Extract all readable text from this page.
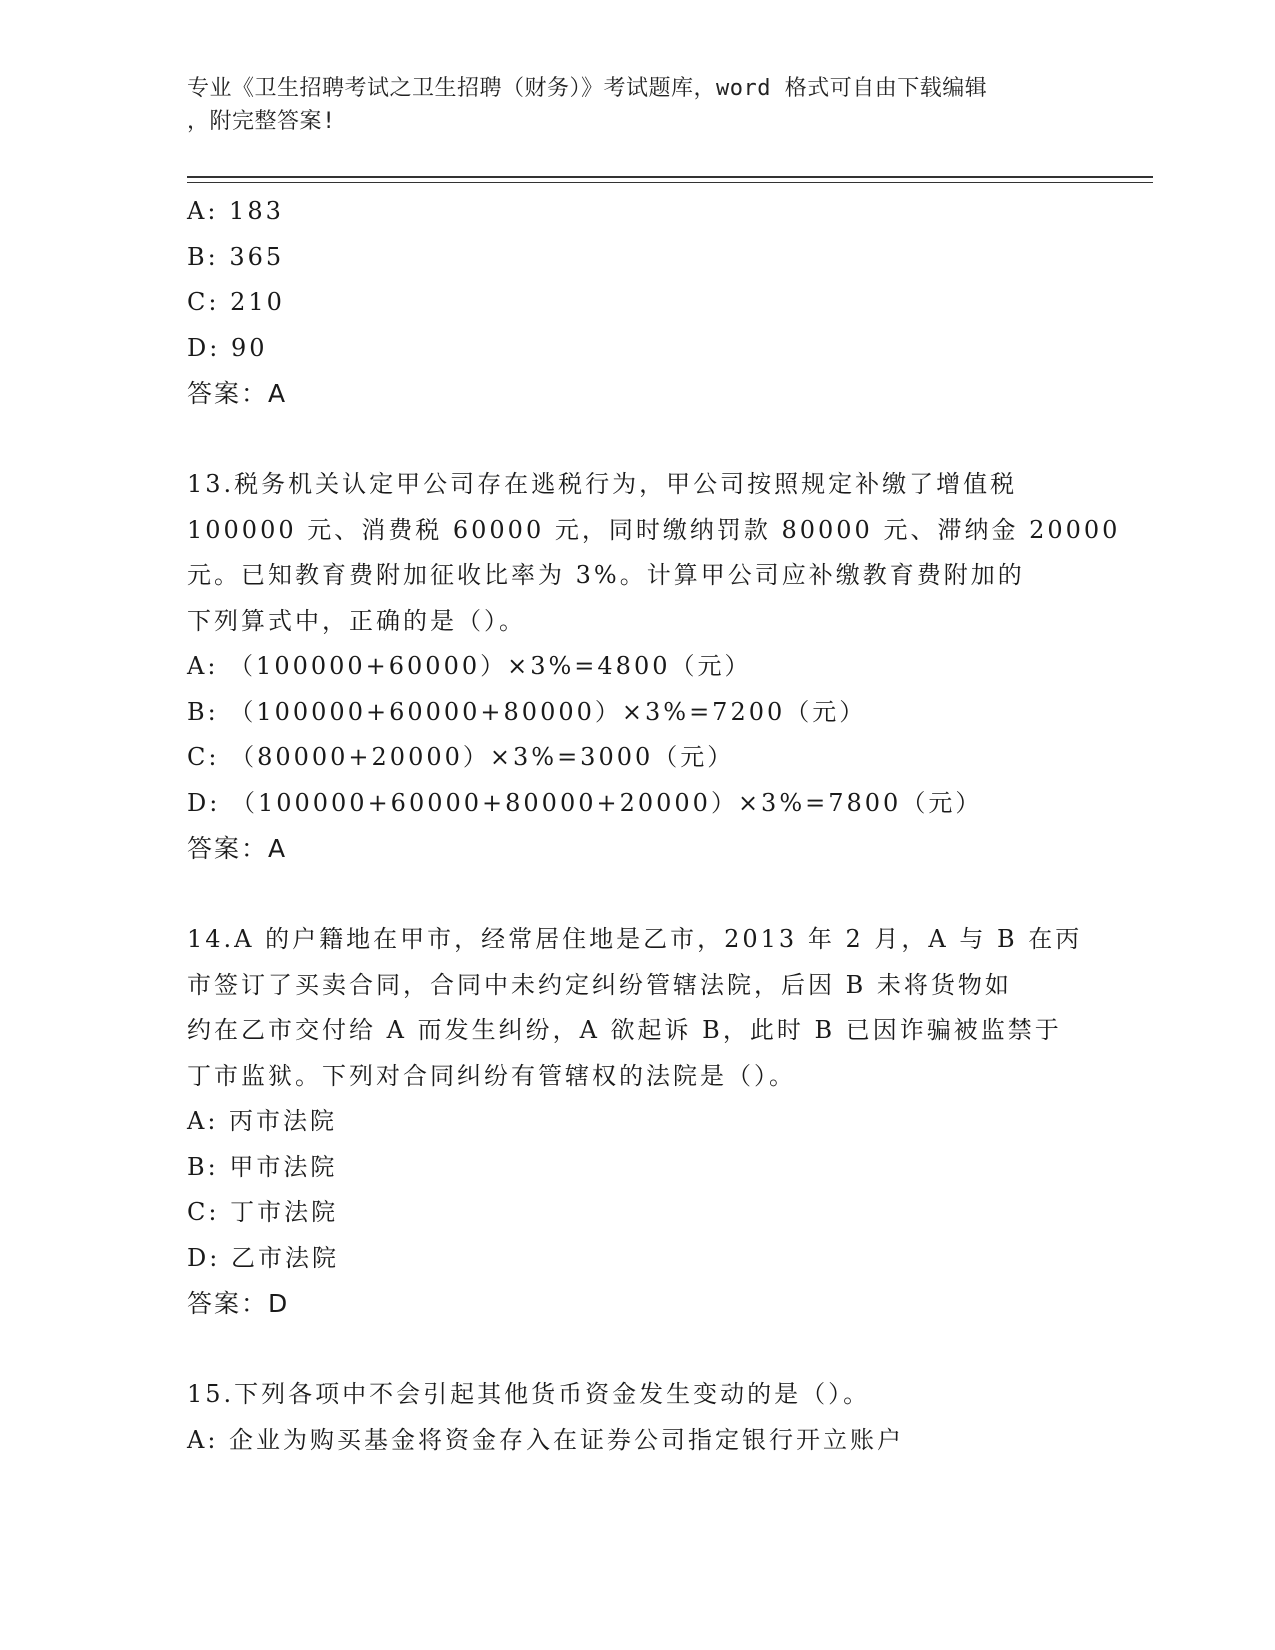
专业《卫生招聘考试之卫生招聘（财务）》考试题库，word 格式可自由下载编辑
，附完整答案!
A: 183
B: 365
C: 210
D: 90
答案：A
13.税务机关认定甲公司存在逃税行为，甲公司按照规定补缴了增值税
100000 元、消费税 60000 元，同时缴纳罚款 80000 元、滞纳金 20000
元。已知教育费附加征收比率为 3%。计算甲公司应补缴教育费附加的
下列算式中，正确的是（）。
A: （100000+60000）×3%=4800（元）
B: （100000+60000+80000）×3%=7200（元）
C: （80000+20000）×3%=3000（元）
D: （100000+60000+80000+20000）×3%=7800（元）
答案：A
14.A 的户籍地在甲市，经常居住地是乙市，2013 年 2 月，A 与 B 在丙
市签订了买卖合同，合同中未约定纠纷管辖法院，后因 B 未将货物如
约在乙市交付给 A 而发生纠纷，A 欲起诉 B，此时 B 已因诈骗被监禁于
丁市监狱。下列对合同纠纷有管辖权的法院是（）。
A: 丙市法院
B: 甲市法院
C: 丁市法院
D: 乙市法院
答案：D
15.下列各项中不会引起其他货币资金发生变动的是（）。
A: 企业为购买基金将资金存入在证券公司指定银行开立账户
